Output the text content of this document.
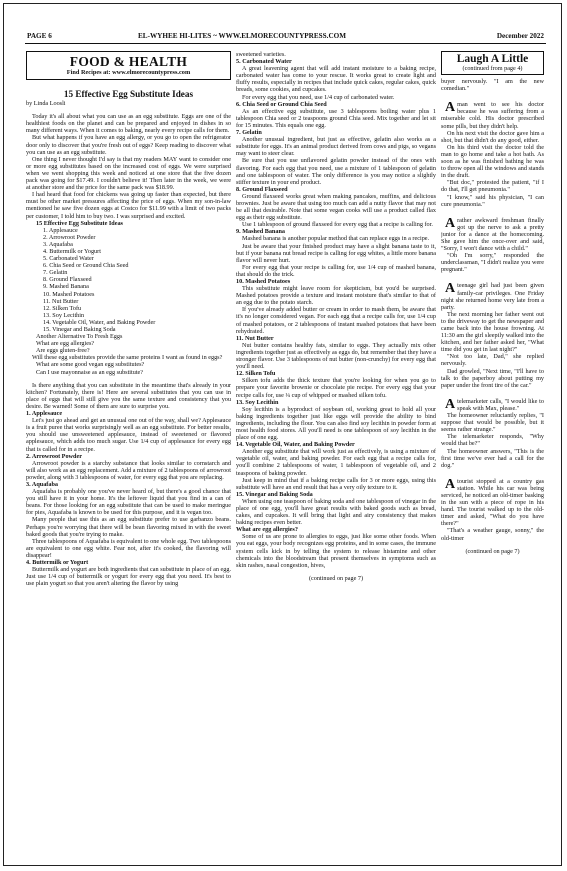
PAGE 6	EL-WYHEE HI-LITES ~ WWW.ELMORECOUNTYPRESS.COM	December 2022
FOOD & HEALTH
Find Recipes at: www.elmorecountypress.com
15 Effective Egg Substitute Ideas
by Linda Loosli

Today it's all about what you can use as an egg substitute. Eggs are one of the healthiest foods on the planet and can be prepared and enjoyed in dishes in so many different ways. When it comes to baking, nearly every recipe calls for them.

But what happens if you have an egg allergy, or you go to open the refrigerator door only to discover that you're fresh out of eggs? Keep reading to discover what you can use as an egg substitute.

One thing I never thought I'd say is that my readers MAY want to consider one or more egg substitutes based on the increased cost of eggs. We were surprised when we went shopping this week and noticed at one store that the five dozen pack was going for $17.49. I couldn't believe it! Then later in the week, we were at another store and the price for the same pack was $18.99.

I had heard that food for chickens was going up faster than expected, but there must be other market pressures affecting the price of eggs. When my son-in-law mentioned he saw five dozen eggs at Costco for $11.99 with a limit of two packs per customer, I told him to buy two. I was surprised and excited.

15 Effective Egg Substitute Ideas
1. Applesauce
2. Arrowroot Powder
3. Aquafaba
4. Buttermilk or Yogurt
5. Carbonated Water
6. Chia Seed or Ground Chia Seed
7. Gelatin
8. Ground Flaxseed
9. Mashed Banana
10. Mashed Potatoes
11. Nut Butter
12. Silken Tofu
13. Soy Lecithin
14. Vegetable Oil, Water, and Baking Powder
15. Vinegar and Baking Soda
Another Alternative To Fresh Eggs
What are egg allergies?
Are eggs gluten-free?

Will these egg substitutes provide the same proteins I want as found in eggs?

What are some good vegan egg substitutes?
Can I use mayonnaise as an egg substitute?

Is there anything that you can substitute in the meantime that's already in your kitchen? Fortunately, there is! Here are several substitutes that you can use in place of eggs that will still give you the same texture and consistency that you desire. Be warned! Some of them are sure to surprise you.

1. Applesauce

Let's just go ahead and get an unusual one out of the way, shall we? Applesauce is a fruit puree that works surprisingly well as an egg substitute. For better results, you should use unsweetened applesauce, instead of sweetened or flavored applesauce, which adds too much sugar. Use 1/4 cup of applesauce for every egg that is called for in a recipe.

2. Arrowroot Powder

Arrowroot powder is a starchy substance that looks similar to cornstarch and will also work as an egg replacement. Add a mixture of 2 tablespoons of arrowroot powder, along with 3 tablespoons of water, for every egg that you are replacing.

3. Aquafaba

Aquafaba is probably one you've never heard of, but there's a good chance that you still have it in your home. It's the leftover liquid that you find in a can of beans. For those looking for an egg substitute that can be used to make meringue for pies, Aquafaba is known to be used for this purpose, and it is vegan too.

Many people that use this as an egg substitute prefer to use garbanzo beans. Perhaps you're worrying that there will be bean flavoring mixed in with the sweet baked goods that you're trying to make.

Three tablespoons of Aquafaba is equivalent to one whole egg. Two tablespoons are equivalent to one egg white. Fear not, after it's cooked, the flavoring will disappear!

4. Buttermilk or Yogurt

Buttermilk and yogurt are both ingredients that can substitute in place of an egg. Just use 1/4 cup of buttermilk or yogurt for every egg that you need. It's best to use plain yogurt so that you aren't altering the flavor by using

sweetened varieties.

5. Carbonated Water

A great leavening agent that will add instant moisture to a baking recipe, carbonated water has come to your rescue. It works great to create light and fluffy results, especially in recipes that include quick cakes, regular cakes, quick breads, some cookies, and cupcakes.

For every egg that you need, use 1/4 cup of carbonated water.

6. Chia Seed or Ground Chia Seed

As an effective egg substitute, use 3 tablespoons boiling water plus 1 tablespoon Chia seed or 2 teaspoons ground Chia seed. Mix together and let sit for 15 minutes. This equals one egg.

7. Gelatin

Another unusual ingredient, but just as effective, gelatin also works as a substitute for eggs. It's an animal product derived from cows and pigs, so vegans may want to steer clear.

Be sure that you use unflavored gelatin powder instead of the ones with flavoring. For each egg that you need, use a mixture of 1 tablespoon of gelatin and one tablespoon of water. The only difference is you may notice a slightly stiffer texture in your end product.

8. Ground Flaxseed

Ground flaxseed works great when making pancakes, muffins, and delicious brownies. Just be aware that using too much can add a nutty flavor that may not be all that desirable. Note that some vegan cooks will use a product called flax egg as their egg substitute.

Use 1 tablespoon of ground flaxseed for every egg that a recipe is calling for.

9. Mashed Banana

Mashed banana is another popular method that can replace eggs in a recipe.

Just be aware that your finished product may have a slight banana taste to it, but if your banana nut bread recipe is calling for egg whites, a little more banana flavor will never hurt.

For every egg that your recipe is calling for, use 1/4 cup of mashed banana, that should do the trick.

10. Mashed Potatoes

This substitute might leave room for skepticism, but you'd be surprised. Mashed potatoes provide a texture and instant moisture that's similar to that of an egg due to the potato starch.

If you've already added butter or cream in order to mash them, be aware that it's no longer considered vegan. For each egg that a recipe calls for, use 1/4 cup of mashed potatoes, or 2 tablespoons of instant mashed potatoes that have been rehydrated.

11. Nut Butter

Nut butter contains healthy fats, similar to eggs. They actually mix other ingredients together just as effectively as eggs do, but remember that they have a stronger flavor. Use 3 tablespoons of nut butter (non-crunchy) for every egg that you'll need.

12. Silken Tofu

Silken tofu adds the thick texture that you're looking for when you go to prepare your favorite brownie or chocolate pie recipe. For every egg that your recipe calls for, use ¼ cup of whipped or mashed silken tofu.

13. Soy Lecithin

Soy lecithin is a byproduct of soybean oil, working great to hold all your baking ingredients together just like eggs will provide the ability to bind ingredients, including the flour. You can also find soy lecithin in powder form at most health food stores. All you'll need is one tablespoon of soy lecithin in the place of one egg.

14. Vegetable Oil, Water, and Baking Powder

Another egg substitute that will work just as effectively, is using a mixture of vegetable oil, water, and baking powder. For each egg that a recipe calls for, you'll combine 2 tablespoons of water, 1 tablespoon of vegetable oil, and 2 teaspoons of baking powder.

Just keep in mind that if a baking recipe calls for 3 or more eggs, using this substitute will have an end result that has a very oily texture to it.

15. Vinegar and Baking Soda

When using one teaspoon of baking soda and one tablespoon of vinegar in the place of one egg, you'll have great results with baked goods such as bread, cakes, and cupcakes. It will bring that light and airy consistency that makes baking recipes even better.

What are egg allergies?

Some of us are prone to allergies to eggs, just like some other foods. When you eat eggs, your body recognizes egg proteins, and in some cases, the immune system cells kick in by telling the system to release histamine and other chemicals into the bloodstream that present themselves in symptoms such as skin rashes, nasal congestion, hives,

(continued on page 7)
Laugh A Little
(continued from page 4)

buyer nervously. "I am the new comedian."

Aman went to see his doctor because he was suffering from a miserable cold. His doctor prescribed some pills, but they didn't help.

On his next visit the doctor gave him a shot, but that didn't do any good, either.

On his third visit the doctor told the man to go home and take a hot bath. As soon as he was finished bathing he was to throw open all the windows and stands in the draft.

"But doc," protested the patient, "if I do that, I'll get pneumonia."

"I know," said his physician, "I can cure pneumonia."

Arather awkward freshman finally got up the nerve to ask a pretty junior for a dance at the homecoming. She gave him the once-over and said, "Sorry, I won't dance with a child."

"Oh I'm sorry," responded the underclassman, "I didn't realize you were pregnant."

Ateenage girl had just been given family-car privileges. One Friday night she returned home very late from a party.

The next morning her father went out to the driveway to get the newspaper and came back into the house frowning. At 11:30 am the girl sleepily walked into the kitchen, and her father asked her, "What time did you get in last night?"

"Not too late, Dad," she replied nervously.

Dad growled, "Next time, "I'll have to talk to the paperboy about putting my paper under the front tire of the car."

Atelemarketer calls, "I would like to speak with Max, please."

The homeowner reluctantly replies, "I suppose that would be possible, but it seems rather strange."

The telemarketer responds, "Why would that be?"

The homeowner answers, "This is the first time we've ever had a call for the dog."

Atourist stopped at a country gas station. While his car was being serviced, he noticed an old-timer basking in the sun with a piece of rope in his hand. The tourist walked up to the old-timer and asked, "What do you have there?"

"That's a weather gauge, sonny," the old-timer

(continued on page 7)
